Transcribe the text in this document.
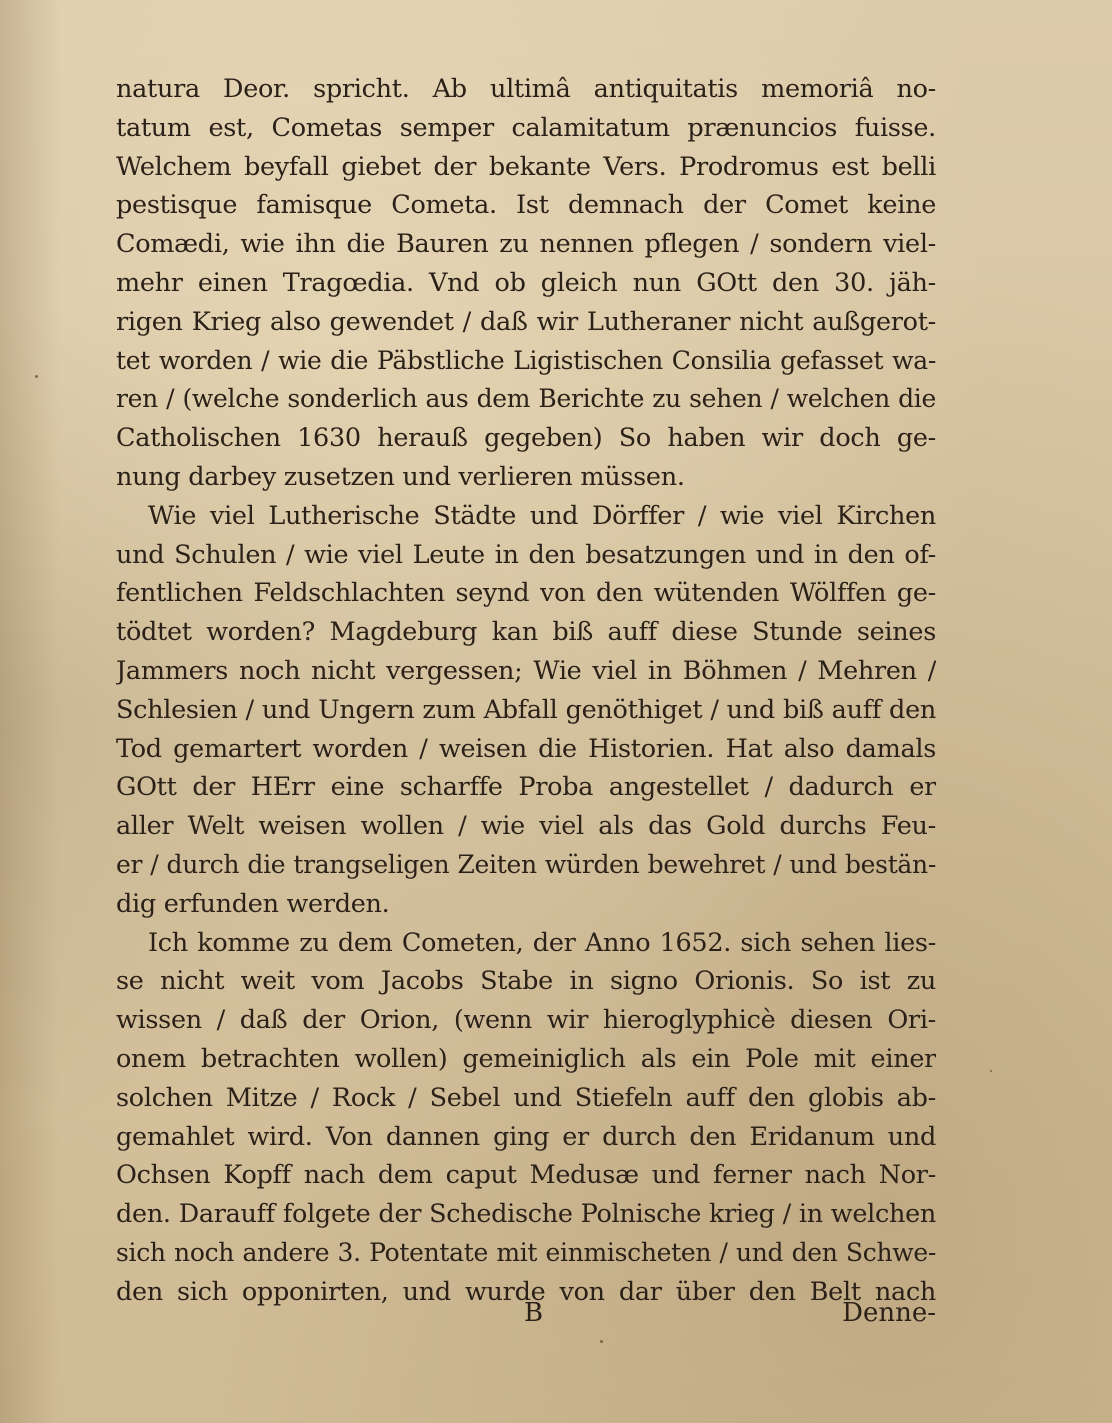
natura Deor. spricht. Ab ultimâ antiquitatis memoriâ no-
tatum est, Cometas semper calamitatum prænuncios fuisse.
Welchem beyfall giebet der bekante Vers. Prodromus est belli
pestisque famisque Cometa. Ist demnach der Comet keine
Comædi, wie ihn die Bauren zu nennen pflegen / sondern viel-
mehr einen Tragœdia. Vnd ob gleich nun GOtt den 30. jäh-
rigen Krieg also gewendet / daß wir Lutheraner nicht außgerot-
tet worden / wie die Päbstliche Ligistischen Consilia gefasset wa-
ren / (welche sonderlich aus dem Berichte zu sehen / welchen die
Catholischen 1630 herauß gegeben) So haben wir doch ge-
nung darbey zusetzen und verlieren müssen.
Wie viel Lutherische Städte und Dörffer / wie viel Kirchen
und Schulen / wie viel Leute in den besatzungen und in den of-
fentlichen Feldschlachten seynd von den wütenden Wölffen ge-
tödtet worden? Magdeburg kan biß auff diese Stunde seines
Jammers noch nicht vergessen; Wie viel in Böhmen / Mehren /
Schlesien / und Ungern zum Abfall genöthiget / und biß auff den
Tod gemartert worden / weisen die Historien. Hat also damals
GOtt der HErr eine scharffe Proba angestellet / dadurch er
aller Welt weisen wollen / wie viel als das Gold durchs Feu-
er / durch die trangseligen Zeiten würden bewehret / und bestän-
dig erfunden werden.
Ich komme zu dem Cometen, der Anno 1652. sich sehen lies-
se nicht weit vom Jacobs Stabe in signo Orionis. So ist zu
wissen / daß der Orion, (wenn wir hieroglyphicè diesen Ori-
onem betrachten wollen) gemeiniglich als ein Pole mit einer
solchen Mitze / Rock / Sebel und Stiefeln auff den globis ab-
gemahlet wird. Von dannen ging er durch den Eridanum und
Ochsen Kopff nach dem caput Medusæ und ferner nach Nor-
den. Darauff folgete der Schedische Polnische krieg / in welchen
sich noch andere 3. Potentate mit einmischeten / und den Schwe-
den sich opponirten, und wurde von dar über den Belt nach
B	Denne-
